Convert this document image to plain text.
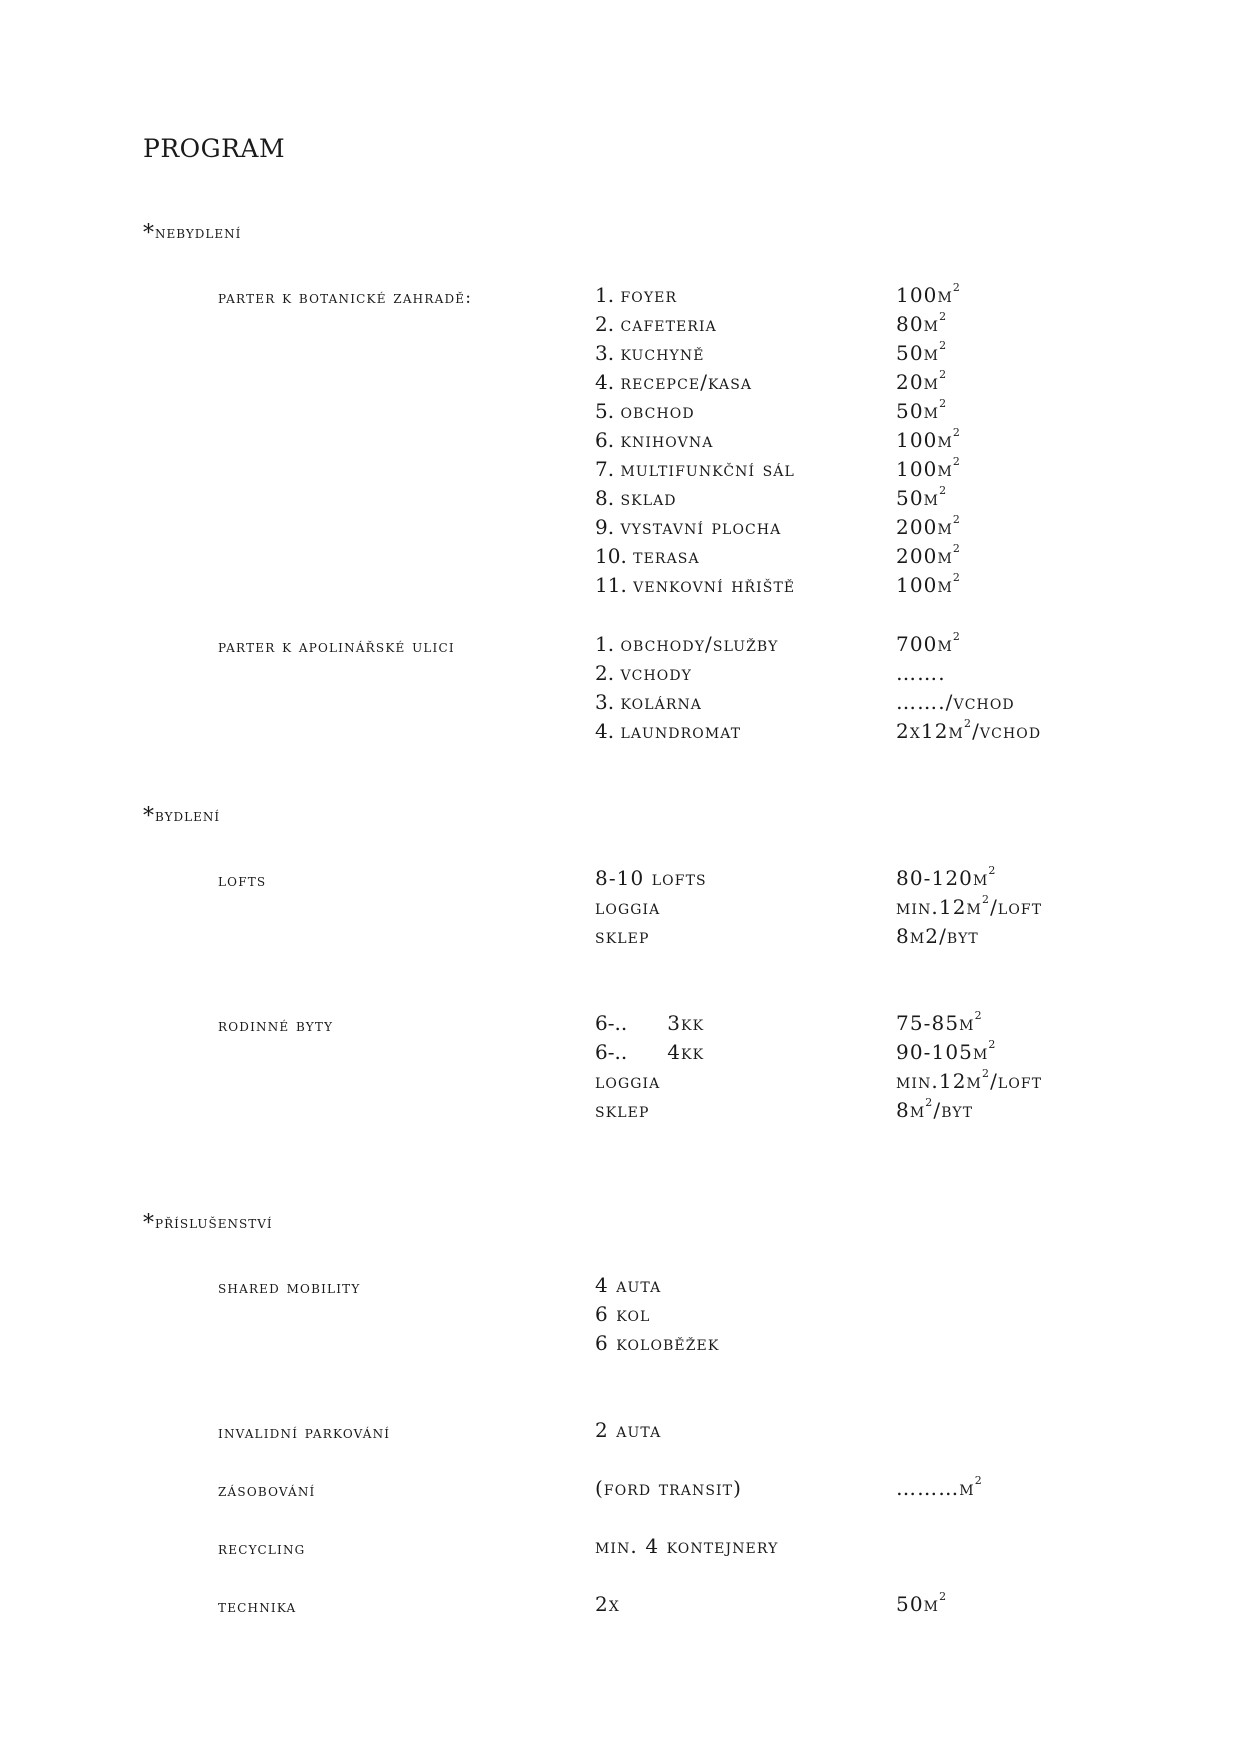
PROGRAM
*nebydlení
parter k botanické zahradě:	1. foyer	$100m^2$
2. cafeteria	$80m^2$
3. kuchyně	$50m^2$
4. recepce/kasa	$20m^2$
5. obchod	$50m^2$
6. knihovna	$100m^2$
7. multifunkční sál	$100m^2$
8. sklad	$50m^2$
9. vystavní plocha	$200m^2$
10. terasa	$200m^2$
11. venkovní hřiště	$100m^2$
parter k apolinářské ulici	1. obchody/služby	$700m^2$
2. vchody	…….
3. kolárna	……./vchod
4. laundromat	$2x12m^2$/vchod
*bydlení
lofts	8-10 lofts	$80-120m^2$
loggia	$\min.12m^2$/loft
sklep	8m2/byt
rodinné byty	6-.. 3kk	$75-85m^2$
6-.. 4kk	$90-105m^2$
loggia	$\min.12m^2$/loft
sklep	$8m^2$/byt
*příslušenství
shared mobility	4 auta
6 kol
6 koloběžek
invalidní parkování	2 auta
zásobování	(ford transit)	$\dots\dots\dots m^2$
recycling	min. 4 kontejnery
technika	2x	$50m^2$
